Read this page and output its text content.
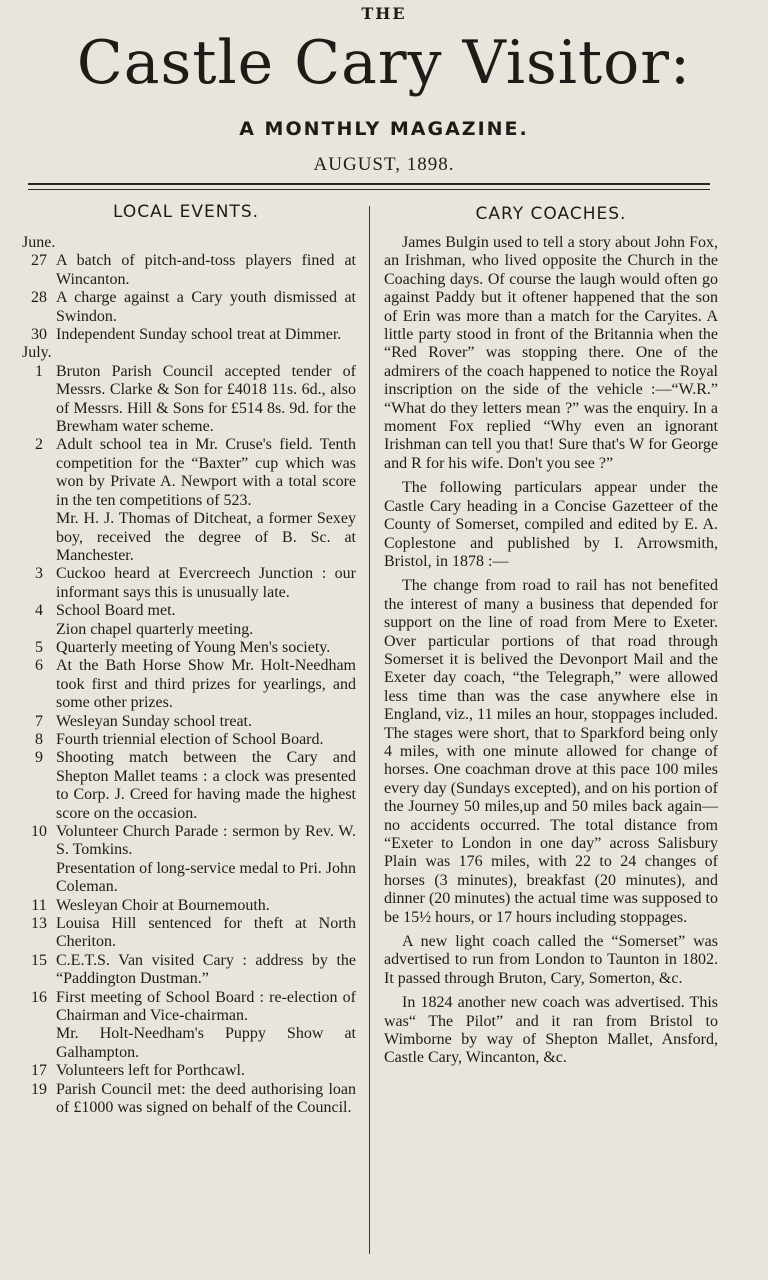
THE
Castle Cary Visitor:
A MONTHLY MAGAZINE.
AUGUST, 1898.
LOCAL EVENTS.	CARY COACHES.
June.
27 A batch of pitch-and-toss players fined at Wincanton.
28 A charge against a Cary youth dismissed at Swindon.
30 Independent Sunday school treat at Dimmer.
July.
1 Bruton Parish Council accepted tender of Messrs. Clarke & Son for £4018 11s. 6d., also of Messrs. Hill & Sons for £514 8s. 9d. for the Brewham water scheme.
2 Adult school tea in Mr. Cruse's field. Tenth competition for the “Baxter” cup which was won by Private A. Newport with a total score in the ten competitions of 523.
Mr. H. J. Thomas of Ditcheat, a former Sexey boy, received the degree of B. Sc. at Manchester.
3 Cuckoo heard at Evercreech Junction : our informant says this is unusually late.
4 School Board met.
Zion chapel quarterly meeting.
5 Quarterly meeting of Young Men's society.
6 At the Bath Horse Show Mr. Holt-Needham took first and third prizes for yearlings, and some other prizes.
7 Wesleyan Sunday school treat.
8 Fourth triennial election of School Board.
9 Shooting match between the Cary and Shepton Mallet teams : a clock was presented to Corp. J. Creed for having made the highest score on the occasion.
10 Volunteer Church Parade : sermon by Rev. W. S. Tomkins.
Presentation of long-service medal to Pri. John Coleman.
11 Wesleyan Choir at Bournemouth.
13 Louisa Hill sentenced for theft at North Cheriton.
15 C.E.T.S. Van visited Cary : address by the “Paddington Dustman.”
16 First meeting of School Board : re-election of Chairman and Vice-chairman.
Mr. Holt-Needham's Puppy Show at Galhampton.
17 Volunteers left for Porthcawl.
19 Parish Council met: the deed authorising loan of £1000 was signed on behalf of the Council.

James Bulgin used to tell a story about John Fox, an Irishman, who lived opposite the Church in the Coaching days. Of course the laugh would often go against Paddy but it oftener happened that the son of Erin was more than a match for the Caryites. A little party stood in front of the Britannia when the “Red Rover” was stopping there. One of the admirers of the coach happened to notice the Royal inscription on the side of the vehicle :—“W.R.” “What do they letters mean ?” was the enquiry. In a moment Fox replied “Why even an ignorant Irishman can tell you that! Sure that's W for George and R for his wife. Don't you see ?”

The following particulars appear under the Castle Cary heading in a Concise Gazetteer of the County of Somerset, compiled and edited by E. A. Coplestone and published by I. Arrowsmith, Bristol, in 1878 :—

The change from road to rail has not benefited the interest of many a business that depended for support on the line of road from Mere to Exeter. Over particular portions of that road through Somerset it is belived the Devonport Mail and the Exeter day coach, “the Telegraph,” were allowed less time than was the case anywhere else in England, viz., 11 miles an hour, stoppages included. The stages were short, that to Sparkford being only 4 miles, with one minute allowed for change of horses. One coachman drove at this pace 100 miles every day (Sundays excepted), and on his portion of the Journey 50 miles,up and 50 miles back again—no accidents occurred. The total distance from “Exeter to London in one day” across Salisbury Plain was 176 miles, with 22 to 24 changes of horses (3 minutes), breakfast (20 minutes), and dinner (20 minutes) the actual time was supposed to be 15½ hours, or 17 hours including stoppages.

A new light coach called the “Somerset” was advertised to run from London to Taunton in 1802. It passed through Bruton, Cary, Somerton, &c.

In 1824 another new coach was advertised. This was“ The Pilot” and it ran from Bristol to Wimborne by way of Shepton Mallet, Ansford, Castle Cary, Wincanton, &c.
